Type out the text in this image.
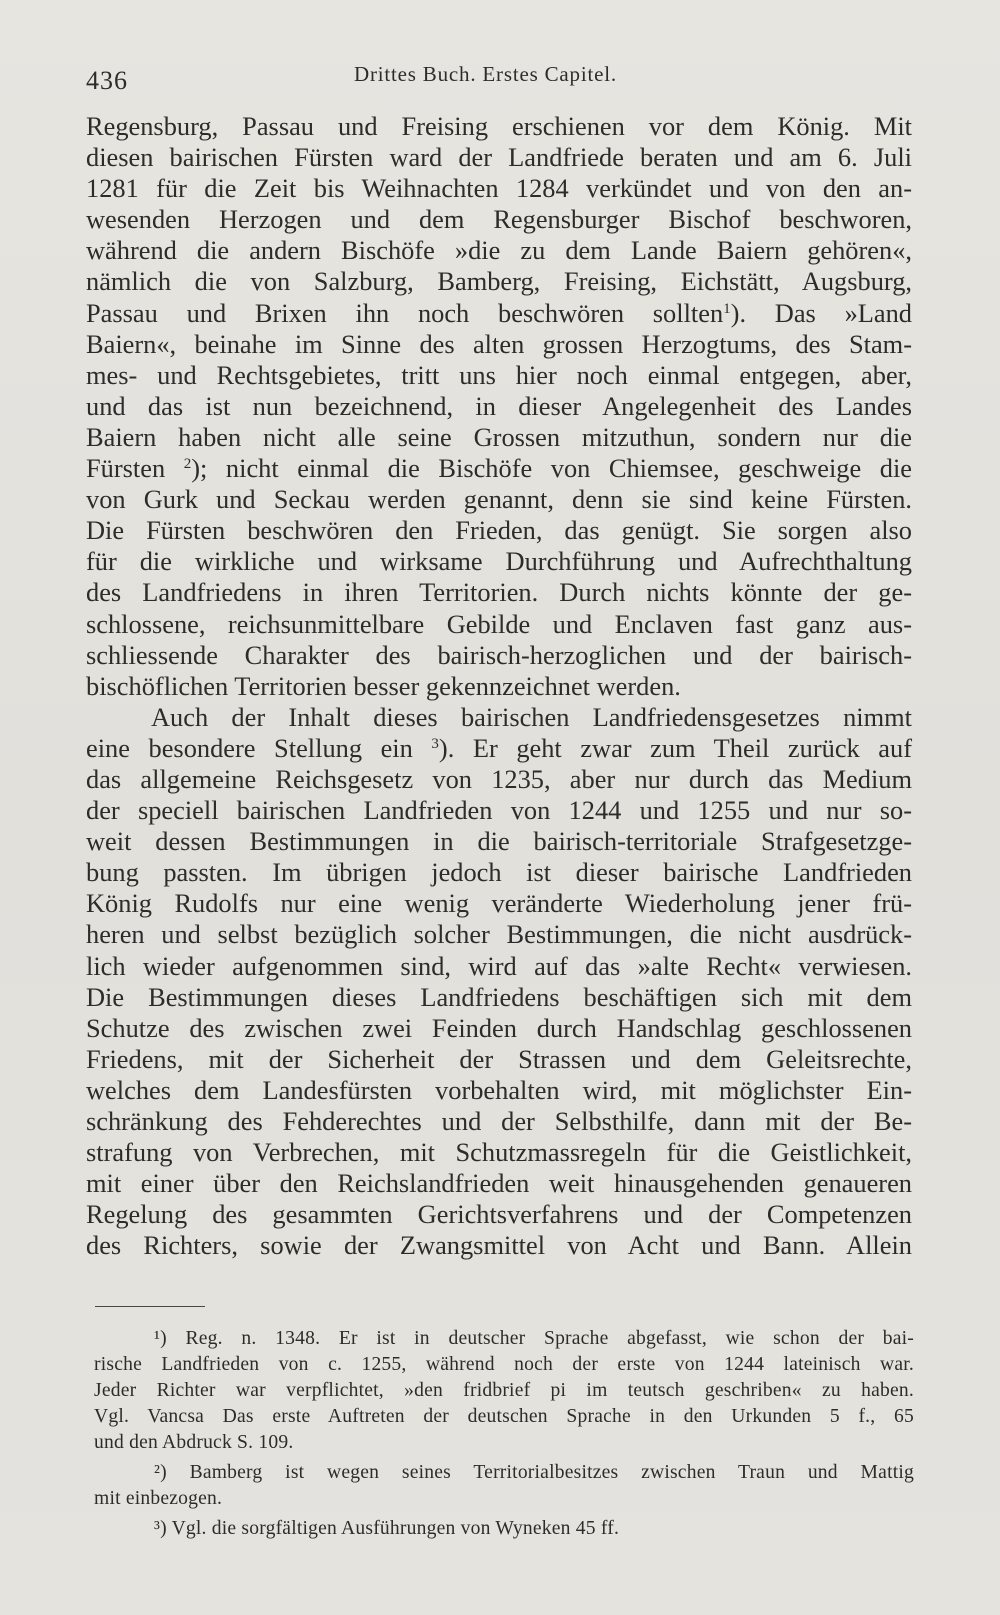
436	Drittes Buch. Erstes Capitel.
Regensburg, Passau und Freising erschienen vor dem König. Mit
diesen bairischen Fürsten ward der Landfriede beraten und am 6. Juli
1281 für die Zeit bis Weihnachten 1284 verkündet und von den an-
wesenden Herzogen und dem Regensburger Bischof beschworen,
während die andern Bischöfe »die zu dem Lande Baiern gehören«,
nämlich die von Salzburg, Bamberg, Freising, Eichstätt, Augsburg,
Passau und Brixen ihn noch beschwören sollten$^1$). Das »Land
Baiern«, beinahe im Sinne des alten grossen Herzogtums, des Stam-
mes- und Rechtsgebietes, tritt uns hier noch einmal entgegen, aber,
und das ist nun bezeichnend, in dieser Angelegenheit des Landes
Baiern haben nicht alle seine Grossen mitzuthun, sondern nur die
Fürsten $^2$); nicht einmal die Bischöfe von Chiemsee, geschweige die
von Gurk und Seckau werden genannt, denn sie sind keine Fürsten.
Die Fürsten beschwören den Frieden, das genügt. Sie sorgen also
für die wirkliche und wirksame Durchführung und Aufrechthaltung
des Landfriedens in ihren Territorien. Durch nichts könnte der ge-
schlossene, reichsunmittelbare Gebilde und Enclaven fast ganz aus-
schliessende Charakter des bairisch-herzoglichen und der bairisch-
bischöflichen Territorien besser gekennzeichnet werden.
Auch der Inhalt dieses bairischen Landfriedensgesetzes nimmt
eine besondere Stellung ein $^3$). Er geht zwar zum Theil zurück auf
das allgemeine Reichsgesetz von 1235, aber nur durch das Medium
der speciell bairischen Landfrieden von 1244 und 1255 und nur so-
weit dessen Bestimmungen in die bairisch-territoriale Strafgesetzge-
bung passten. Im übrigen jedoch ist dieser bairische Landfrieden
König Rudolfs nur eine wenig veränderte Wiederholung jener frü-
heren und selbst bezüglich solcher Bestimmungen, die nicht ausdrück-
lich wieder aufgenommen sind, wird auf das »alte Recht« verwiesen.
Die Bestimmungen dieses Landfriedens beschäftigen sich mit dem
Schutze des zwischen zwei Feinden durch Handschlag geschlossenen
Friedens, mit der Sicherheit der Strassen und dem Geleitsrechte,
welches dem Landesfürsten vorbehalten wird, mit möglichster Ein-
schränkung des Fehderechtes und der Selbsthilfe, dann mit der Be-
strafung von Verbrechen, mit Schutzmassregeln für die Geistlichkeit,
mit einer über den Reichslandfrieden weit hinausgehenden genaueren
Regelung des gesammten Gerichtsverfahrens und der Competenzen
des Richters, sowie der Zwangsmittel von Acht und Bann. Allein
¹) Reg. n. 1348. Er ist in deutscher Sprache abgefasst, wie schon der bai-
rische Landfrieden von c. 1255, während noch der erste von 1244 lateinisch war.
Jeder Richter war verpflichtet, »den fridbrief pi im teutsch geschriben« zu haben.
Vgl. Vancsa Das erste Auftreten der deutschen Sprache in den Urkunden 5 f., 65
und den Abdruck S. 109.
²) Bamberg ist wegen seines Territorialbesitzes zwischen Traun und Mattig
mit einbezogen.
³) Vgl. die sorgfältigen Ausführungen von Wyneken 45 ff.
